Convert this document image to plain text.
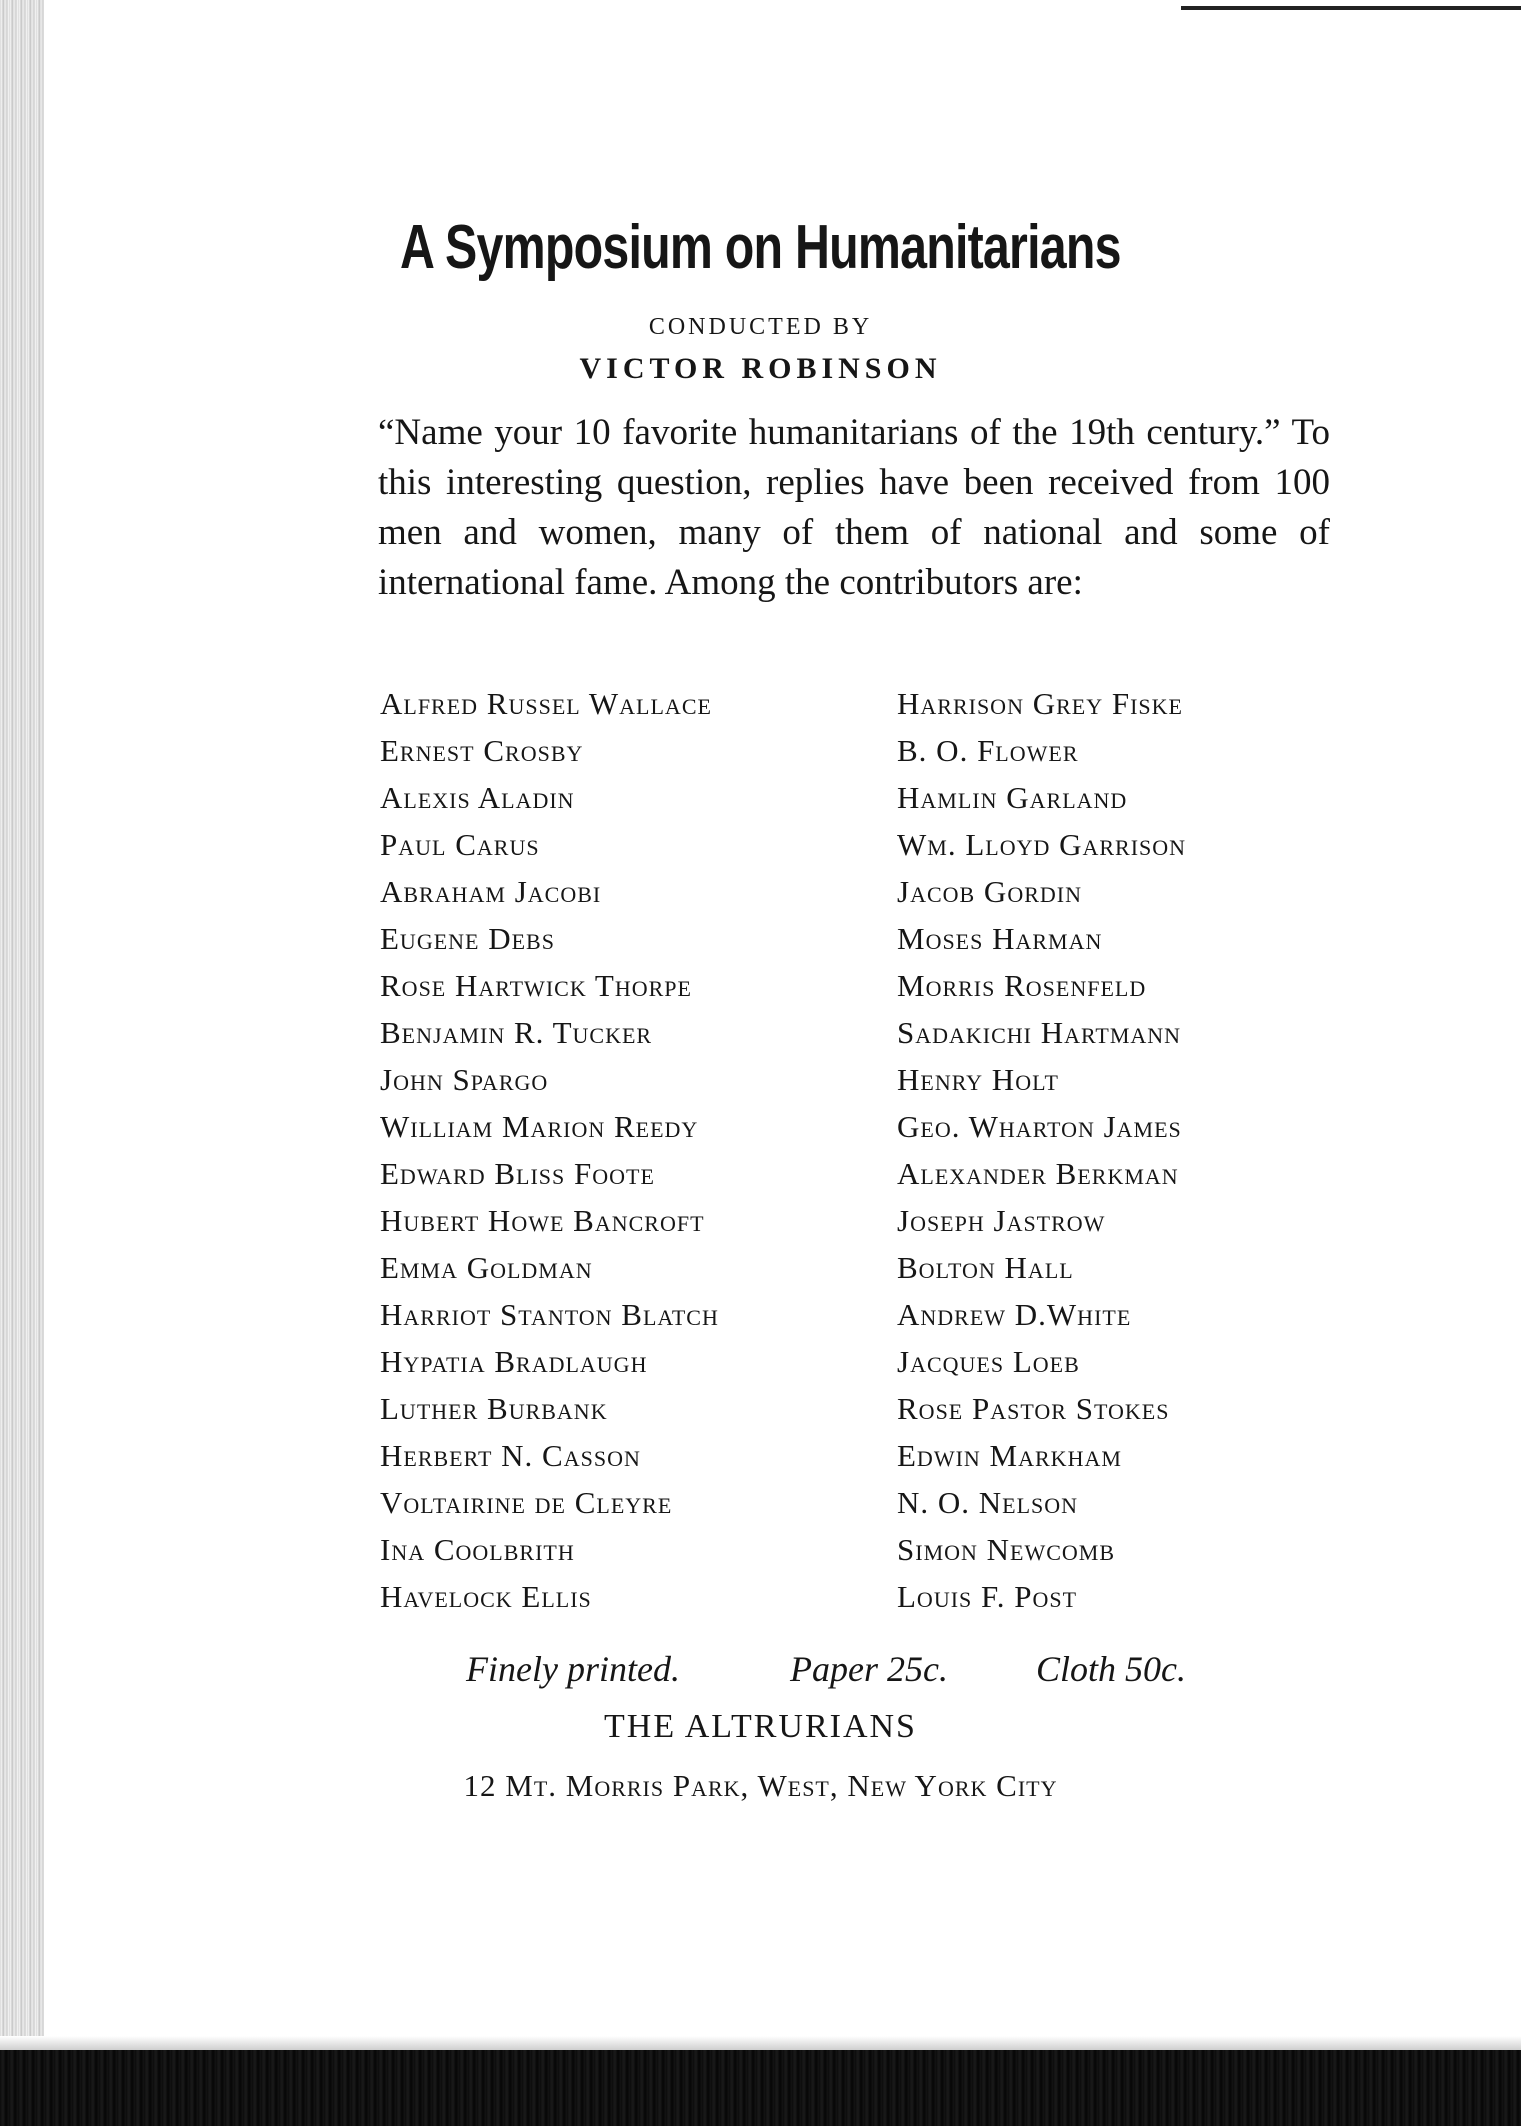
A Symposium on Humanitarians
CONDUCTED BY
VICTOR ROBINSON
“Name your 10 favorite humanitarians of the 19th century.” To this interesting question, replies have been received from 100 men and women, many of them of national and some of international fame. Among the contributors are:
Alfred Russel Wallace
Ernest Crosby
Alexis Aladin
Paul Carus
Abraham Jacobi
Eugene Debs
Rose Hartwick Thorpe
Benjamin R. Tucker
John Spargo
William Marion Reedy
Edward Bliss Foote
Hubert Howe Bancroft
Emma Goldman
Harriot Stanton Blatch
Hypatia Bradlaugh
Luther Burbank
Herbert N. Casson
Voltairine de Cleyre
Ina Coolbrith
Havelock Ellis
Harrison Grey Fiske
B. O. Flower
Hamlin Garland
Wm. Lloyd Garrison
Jacob Gordin
Moses Harman
Morris Rosenfeld
Sadakichi Hartmann
Henry Holt
Geo. Wharton James
Alexander Berkman
Joseph Jastrow
Bolton Hall
Andrew D.White
Jacques Loeb
Rose Pastor Stokes
Edwin Markham
N. O. Nelson
Simon Newcomb
Louis F. Post
Finely printed.	Paper 25c. Cloth 50c.
THE ALTRURIANS
12 Mt. Morris Park, West, New York City
